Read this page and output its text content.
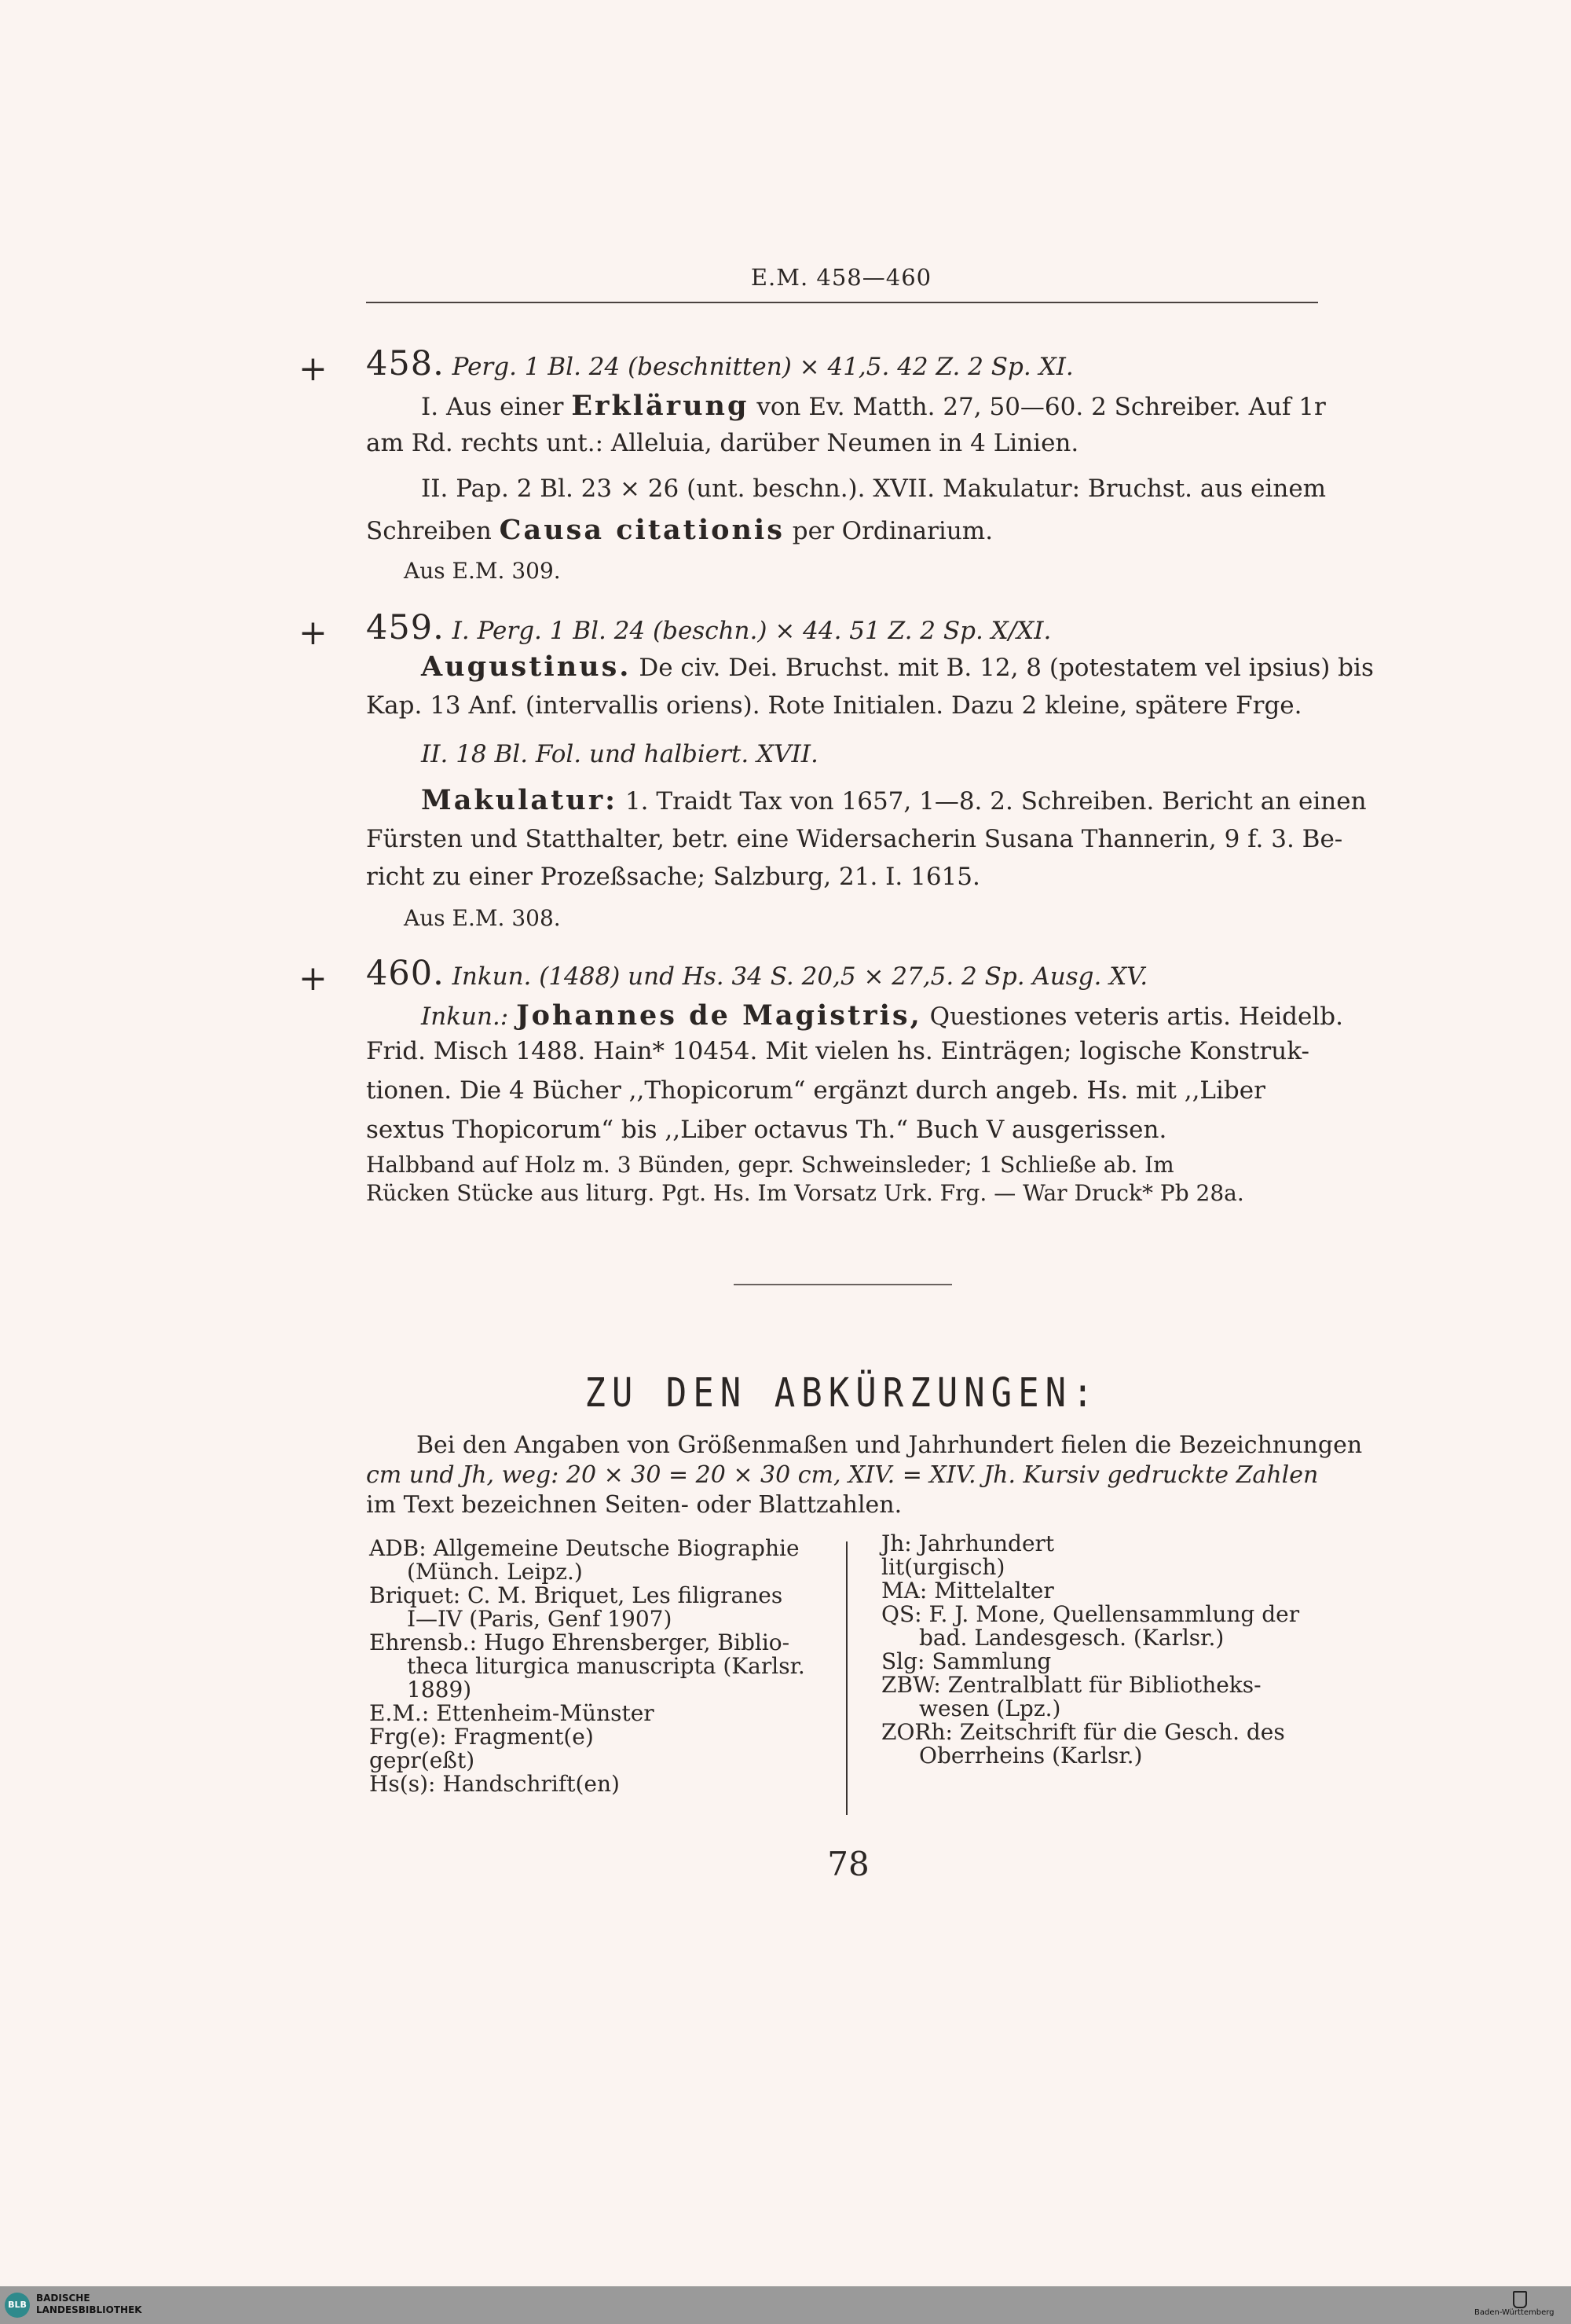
E.M. 458—460
+ 458. Perg. 1 Bl. 24 (beschnitten) × 41,5. 42 Z. 2 Sp. XI.
I. Aus einer Erklärung von Ev. Matth. 27, 50—60. 2 Schreiber. Auf 1r
am Rd. rechts unt.: Alleluia, darüber Neumen in 4 Linien.
II. Pap. 2 Bl. 23 × 26 (unt. beschn.). XVII. Makulatur: Bruchst. aus einem
Schreiben Causa citationis per Ordinarium.
Aus E.M. 309.
+ 459. I. Perg. 1 Bl. 24 (beschn.) × 44. 51 Z. 2 Sp. X/XI.
Augustinus. De civ. Dei. Bruchst. mit B. 12, 8 (potestatem vel ipsius) bis
Kap. 13 Anf. (intervallis oriens). Rote Initialen. Dazu 2 kleine, spätere Frge.
II. 18 Bl. Fol. und halbiert. XVII.
Makulatur: 1. Traidt Tax von 1657, 1—8. 2. Schreiben. Bericht an einen
Fürsten und Statthalter, betr. eine Widersacherin Susana Thannerin, 9 f. 3. Be-
richt zu einer Prozeßsache; Salzburg, 21. I. 1615.
Aus E.M. 308.
+ 460. Inkun. (1488) und Hs. 34 S. 20,5 × 27,5. 2 Sp. Ausg. XV.
Inkun.: Johannes de Magistris, Questiones veteris artis. Heidelb.
Frid. Misch 1488. Hain* 10454. Mit vielen hs. Einträgen; logische Konstruk-
tionen. Die 4 Bücher ,,Thopicorum“ ergänzt durch angeb. Hs. mit ,,Liber
sextus Thopicorum“ bis ,,Liber octavus Th.“ Buch V ausgerissen.
Halbband auf Holz m. 3 Bünden, gepr. Schweinsleder; 1 Schließe ab. Im
Rücken Stücke aus liturg. Pgt. Hs. Im Vorsatz Urk. Frg. — War Druck* Pb 28a.
ZU DEN ABKÜRZUNGEN:
Bei den Angaben von Größenmaßen und Jahrhundert fielen die Bezeichnungen
cm und Jh, weg: 20 × 30 = 20 × 30 cm, XIV. = XIV. Jh. Kursiv gedruckte Zahlen
im Text bezeichnen Seiten- oder Blattzahlen.
ADB: Allgemeine Deutsche Biographie
(Münch. Leipz.)
Briquet: C. M. Briquet, Les filigranes
I—IV (Paris, Genf 1907)
Ehrensb.: Hugo Ehrensberger, Biblio-
theca liturgica manuscripta (Karlsr.
1889)
E.M.: Ettenheim-Münster
Frg(e): Fragment(e)
gepr(eßt)
Hs(s): Handschrift(en)
Jh: Jahrhundert
lit(urgisch)
MA: Mittelalter
QS: F. J. Mone, Quellensammlung der
bad. Landesgesch. (Karlsr.)
Slg: Sammlung
ZBW: Zentralblatt für Bibliotheks-
wesen (Lpz.)
ZORh: Zeitschrift für die Gesch. des
Oberrheins (Karlsr.)
78
BLB
BADISCHE
LANDESBIBLIOTHEK	Baden-Württemberg
